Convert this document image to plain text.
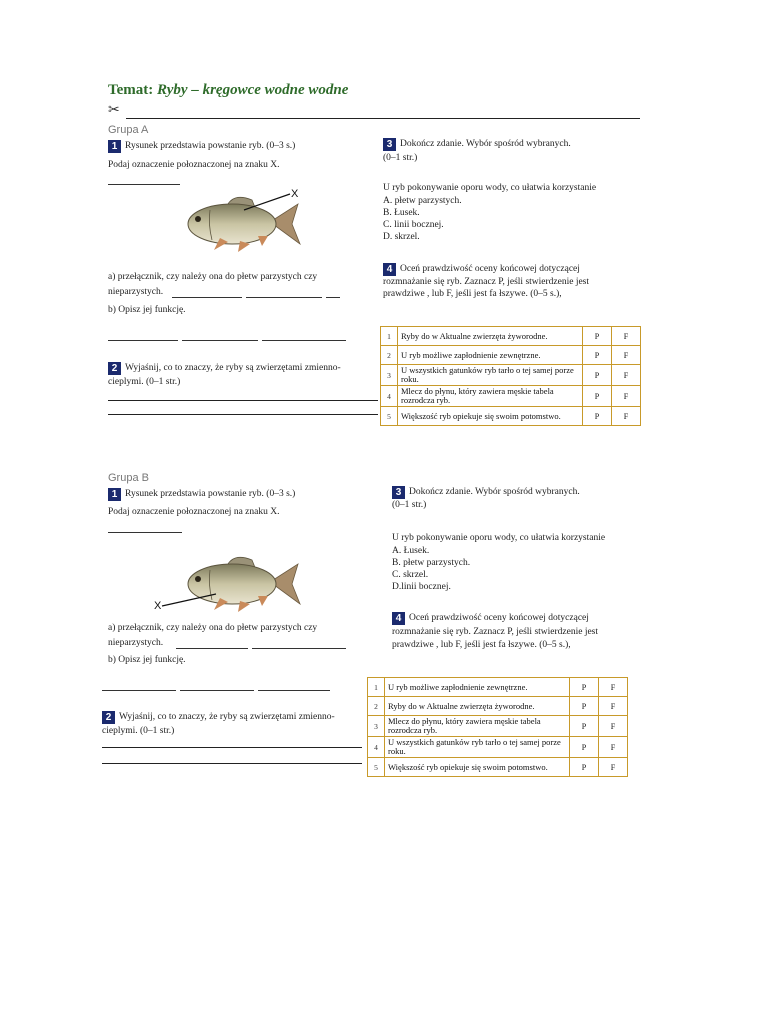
Temat: Ryby – kręgowce wodne wodne
✂
Grupa A
1 Rysunek przedstawia powstanie ryb. (0–3 s.)
Podaj oznaczenie połoznaczonej na znaku X.
X
a) przełącznik, czy należy ona do płetw parzystych czy
nieparzystych.
b) Opisz jej funkcję.
2 Wyjaśnij, co to znaczy, że ryby są zwierzętami zmienno-
cieplymi. (0–1 str.)
3 Dokończ zdanie. Wybór spośród wybranych.
(0–1 str.)
U ryb pokonywanie oporu wody, co ułatwia korzystanie
A. płetw parzystych.
B. Łusek.
C. linii bocznej.
D. skrzel.
4 Oceń prawdziwość oceny końcowej dotyczącej
rozmnażanie się ryb. Zaznacz P, jeśli stwierdzenie jest
prawdziwe , lub F, jeśli jest fa łszywe. (0–5 s.),
1	Ryby do w Aktualne zwierzęta żyworodne.	P	F
2	U ryb możliwe zapłodnienie zewnętrzne.	P	F
3	U wszystkich gatunków ryb tarło o tej samej porze roku.	P	F
4	Mlecz do płynu, który zawiera męskie tabela rozrodcza ryb.	P	F
5	Większość ryb opiekuje się swoim potomstwo.	P	F
Grupa B
1 Rysunek przedstawia powstanie ryb. (0–3 s.)
Podaj oznaczenie połoznaczonej na znaku X.
X
a) przełącznik, czy należy ona do płetw parzystych czy
nieparzystych.
b) Opisz jej funkcję.
2 Wyjaśnij, co to znaczy, że ryby są zwierzętami zmienno-
cieplymi. (0–1 str.)
3 Dokończ zdanie. Wybór spośród wybranych.
(0–1 str.)
U ryb pokonywanie oporu wody, co ułatwia korzystanie
A. Łusek.
B. płetw parzystych.
C. skrzel.
D.linii bocznej.
4 Oceń prawdziwość oceny końcowej dotyczącej
rozmnażanie się ryb. Zaznacz P, jeśli stwierdzenie jest
prawdziwe , lub F, jeśli jest fa łszywe. (0–5 s.),
1	U ryb możliwe zapłodnienie zewnętrzne.	P	F
2	Ryby do w Aktualne zwierzęta żyworodne.	P	F
3	Mlecz do płynu, który zawiera męskie tabela rozrodcza ryb.	P	F
4	U wszystkich gatunków ryb tarło o tej samej porze roku.	P	F
5	Większość ryb opiekuje się swoim potomstwo.	P	F
